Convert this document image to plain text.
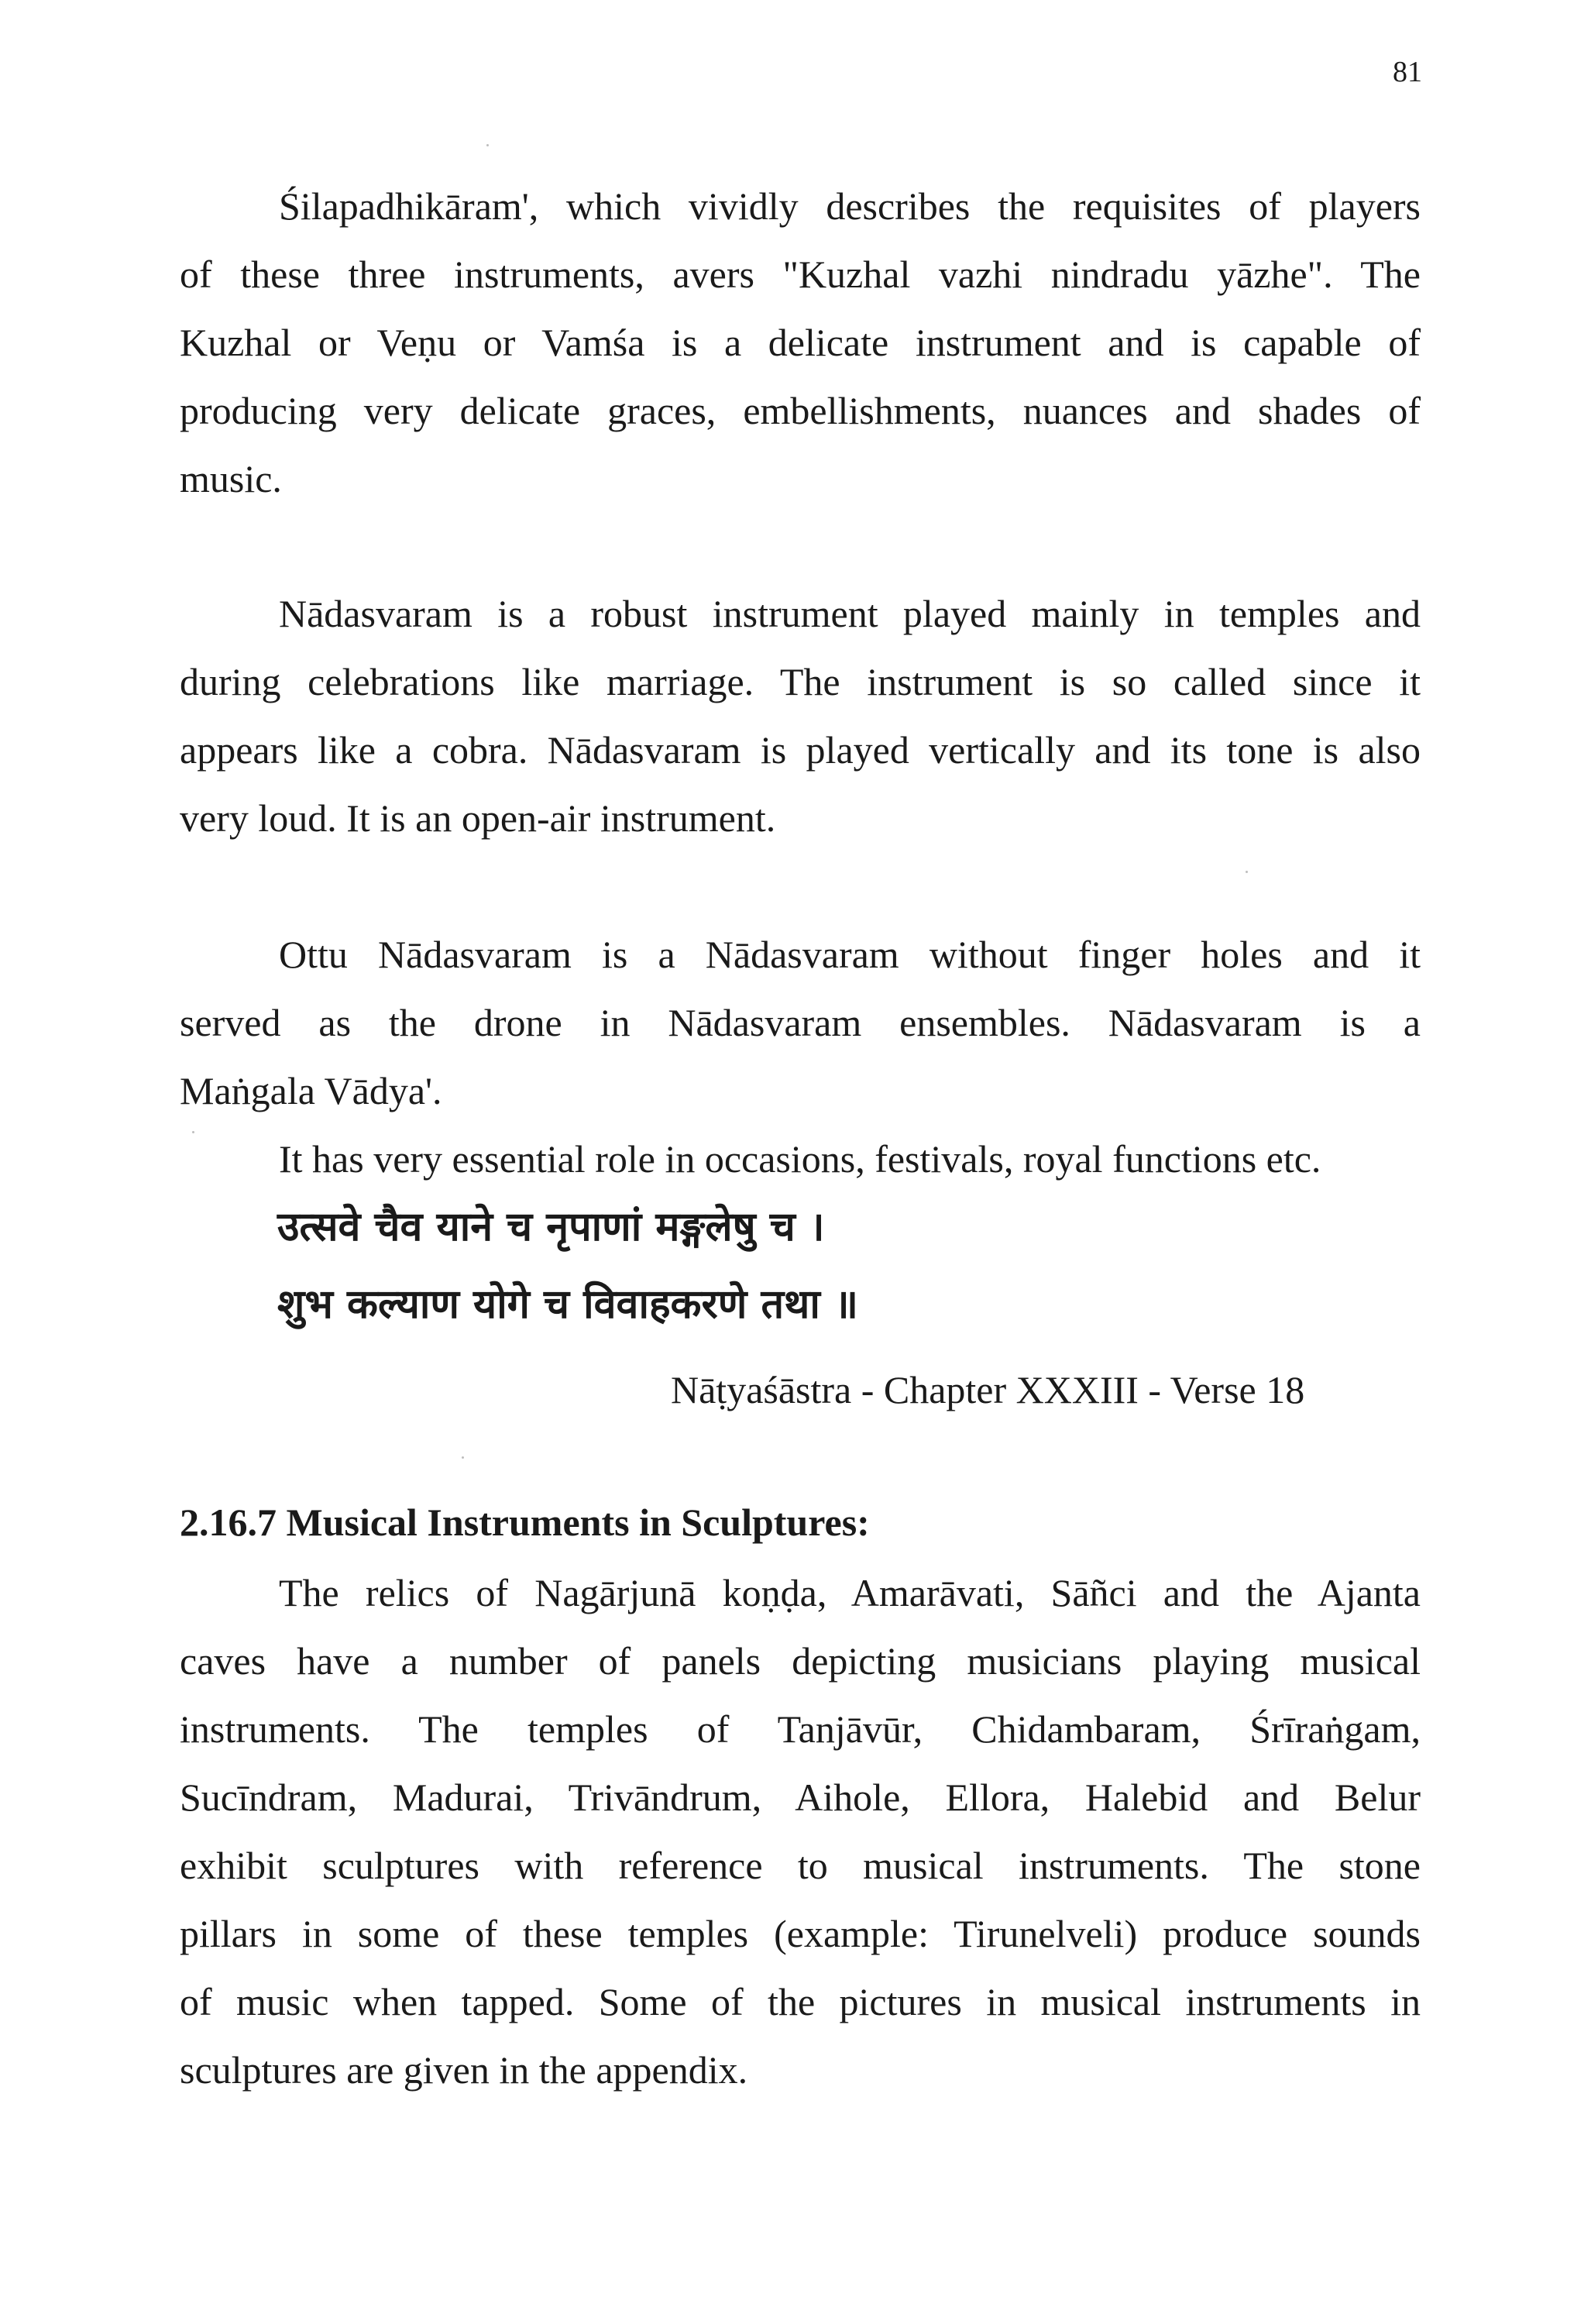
81
Śilapadhikāram', which vividly describes the requisites of players
of these three instruments, avers "Kuzhal vazhi nindradu yāzhe". The
Kuzhal or Veṇu or Vamśa is a delicate instrument and is capable of
producing very delicate graces, embellishments, nuances and shades of
music.
Nādasvaram is a robust instrument played mainly in temples and
during celebrations like marriage. The instrument is so called since it
appears like a cobra. Nādasvaram is played vertically and its tone is also
very loud. It is an open-air instrument.
Ottu Nādasvaram is a Nādasvaram without finger holes and it
served as the drone in Nādasvaram ensembles. Nādasvaram is a
Maṅgala Vādya'.
It has very essential role in occasions, festivals, royal functions etc.
उत्सवे चैव याने च नृपाणां मङ्गलेषु च ।
शुभ कल्याण योगे च विवाहकरणे तथा ॥
Nāṭyaśāstra - Chapter XXXIII - Verse 18
2.16.7 Musical Instruments in Sculptures:
The relics of Nagārjunā koṇḍa, Amarāvati, Sāñci and the Ajanta
caves have a number of panels depicting musicians playing musical
instruments. The temples of Tanjāvūr, Chidambaram, Śrīraṅgam,
Sucīndram, Madurai, Trivāndrum, Aihole, Ellora, Halebid and Belur
exhibit sculptures with reference to musical instruments. The stone
pillars in some of these temples (example: Tirunelveli) produce sounds
of music when tapped. Some of the pictures in musical instruments in
sculptures are given in the appendix.
